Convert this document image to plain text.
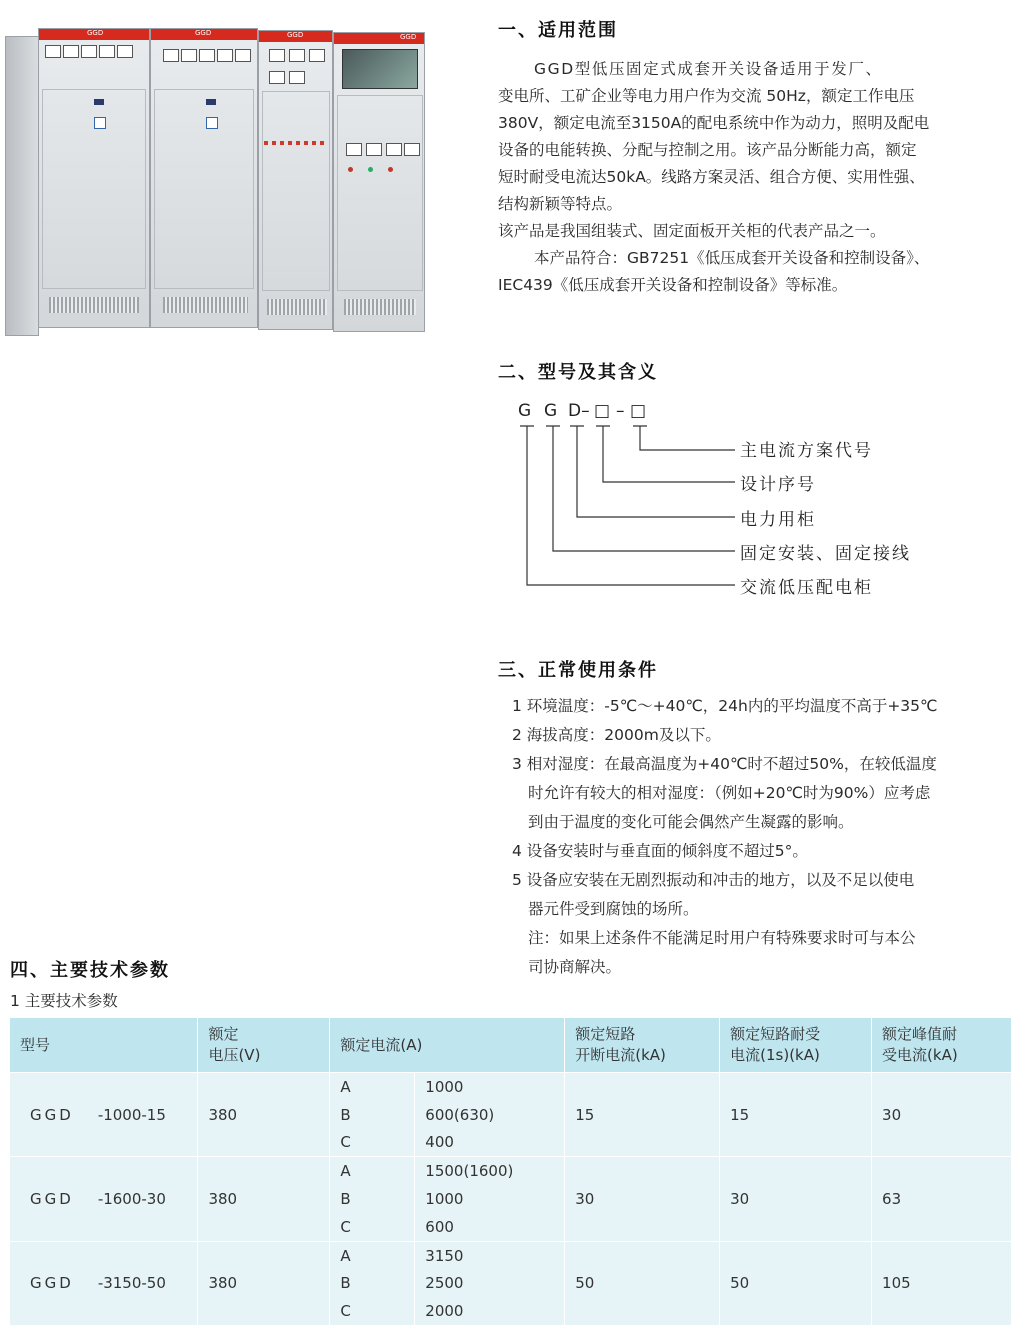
GGD	GGD	GGD	GGD	一、适用范围
GGD型低压固定式成套开关设备适用于发厂、
变电所、工矿企业等电力用户作为交流 50Hz，额定工作电压
380V，额定电流至3150A的配电系统中作为动力，照明及配电
设备的电能转换、分配与控制之用。该产品分断能力高，额定
短时耐受电流达50kA。线路方案灵活、组合方便、实用性强、
结构新颖等特点。
该产品是我国组装式、固定面板开关柜的代表产品之一。
本产品符合：GB7251《低压成套开关设备和控制设备》、
IEC439《低压成套开关设备和控制设备》等标准。
二、型号及其含义
G G D– □ – □
主电流方案代号
设计序号
电力用柜
固定安装、固定接线
交流低压配电柜
三、正常使用条件
1 环境温度：-5℃～+40℃，24h内的平均温度不高于+35℃
2 海拔高度：2000m及以下。
3 相对湿度：在最高温度为+40℃时不超过50%，在较低温度
时允许有较大的相对湿度：（例如+20℃时为90%）应考虑
到由于温度的变化可能会偶然产生凝露的影响。
4 设备安装时与垂直面的倾斜度不超过5°。
5 设备应安装在无剧烈振动和冲击的地方，以及不足以使电
器元件受到腐蚀的场所。
注：如果上述条件不能满足时用户有特殊要求时可与本公
司协商解决。
四、主要技术参数
1 主要技术参数
型号	额定
电压(V)	额定电流(A)		额定短路
开断电流(kA)	额定短路耐受
电流(1s)(kA)	额定峰值耐
受电流(kA)
GGD -1000-15	380	A	1000	15	15	30
		B	600(630)			
		C	400			
GGD -1600-30	380	A	1500(1600)	30	30	63
		B	1000			
		C	600			
GGD -3150-50	380	A	3150	50	50	105
		B	2500			
		C	2000			
